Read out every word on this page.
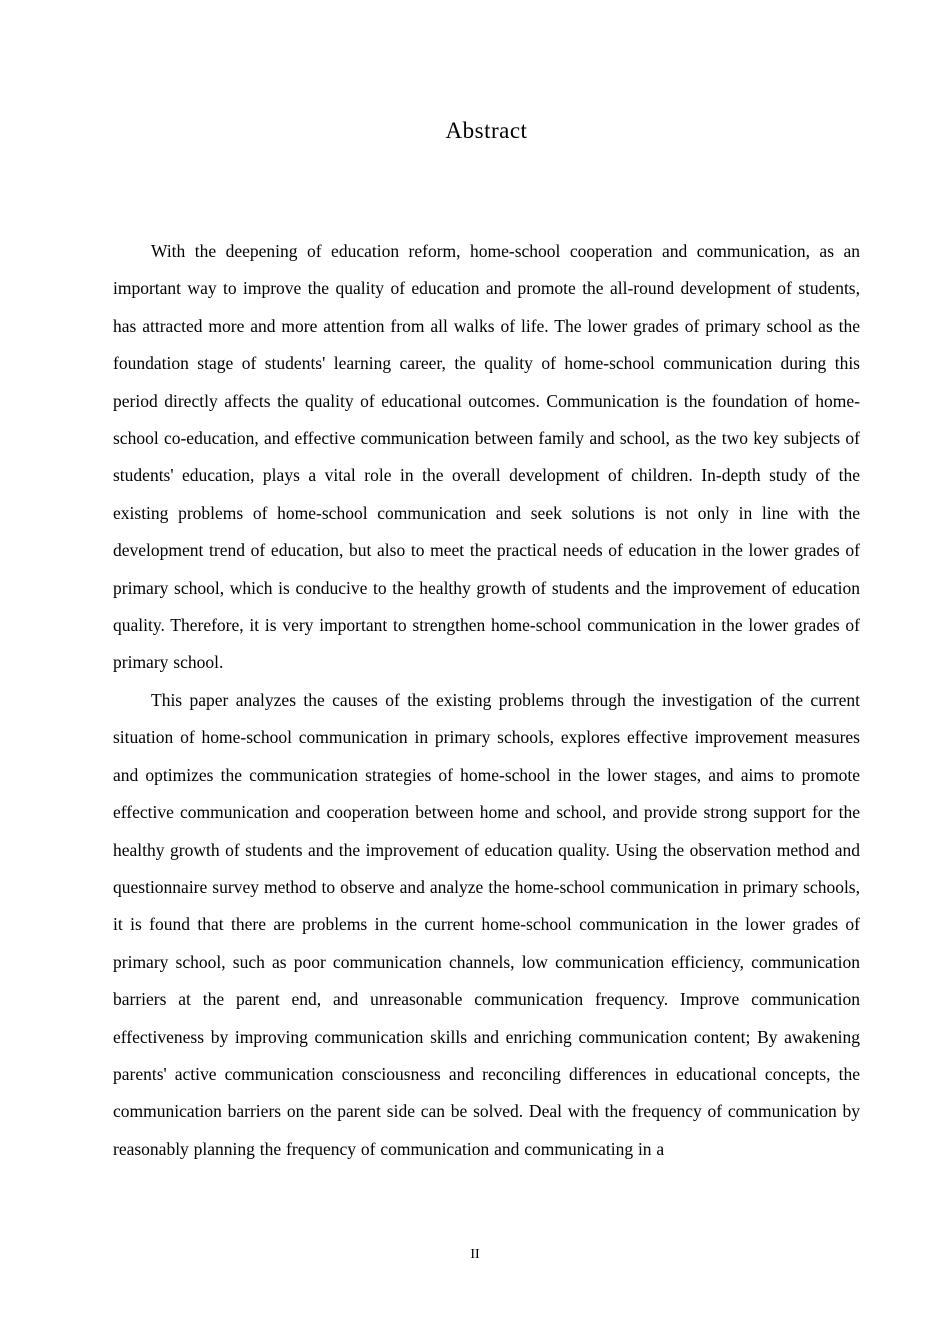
Abstract

With the deepening of education reform, home-school cooperation and communication, as an important way to improve the quality of education and promote the all-round development of students, has attracted more and more attention from all walks of life. The lower grades of primary school as the foundation stage of students' learning career, the quality of home-school communication during this period directly affects the quality of educational outcomes. Communication is the foundation of home-school co-education, and effective communication between family and school, as the two key subjects of students' education, plays a vital role in the overall development of children. In-depth study of the existing problems of home-school communication and seek solutions is not only in line with the development trend of education, but also to meet the practical needs of education in the lower grades of primary school, which is conducive to the healthy growth of students and the improvement of education quality. Therefore, it is very important to strengthen home-school communication in the lower grades of primary school.

This paper analyzes the causes of the existing problems through the investigation of the current situation of home-school communication in primary schools, explores effective improvement measures and optimizes the communication strategies of home-school in the lower stages, and aims to promote effective communication and cooperation between home and school, and provide strong support for the healthy growth of students and the improvement of education quality. Using the observation method and questionnaire survey method to observe and analyze the home-school communication in primary schools, it is found that there are problems in the current home-school communication in the lower grades of primary school, such as poor communication channels, low communication efficiency, communication barriers at the parent end, and unreasonable communication frequency. Improve communication effectiveness by improving communication skills and enriching communication content; By awakening parents' active communication consciousness and reconciling differences in educational concepts, the communication barriers on the parent side can be solved. Deal with the frequency of communication by reasonably planning the frequency of communication and communicating in a

II
